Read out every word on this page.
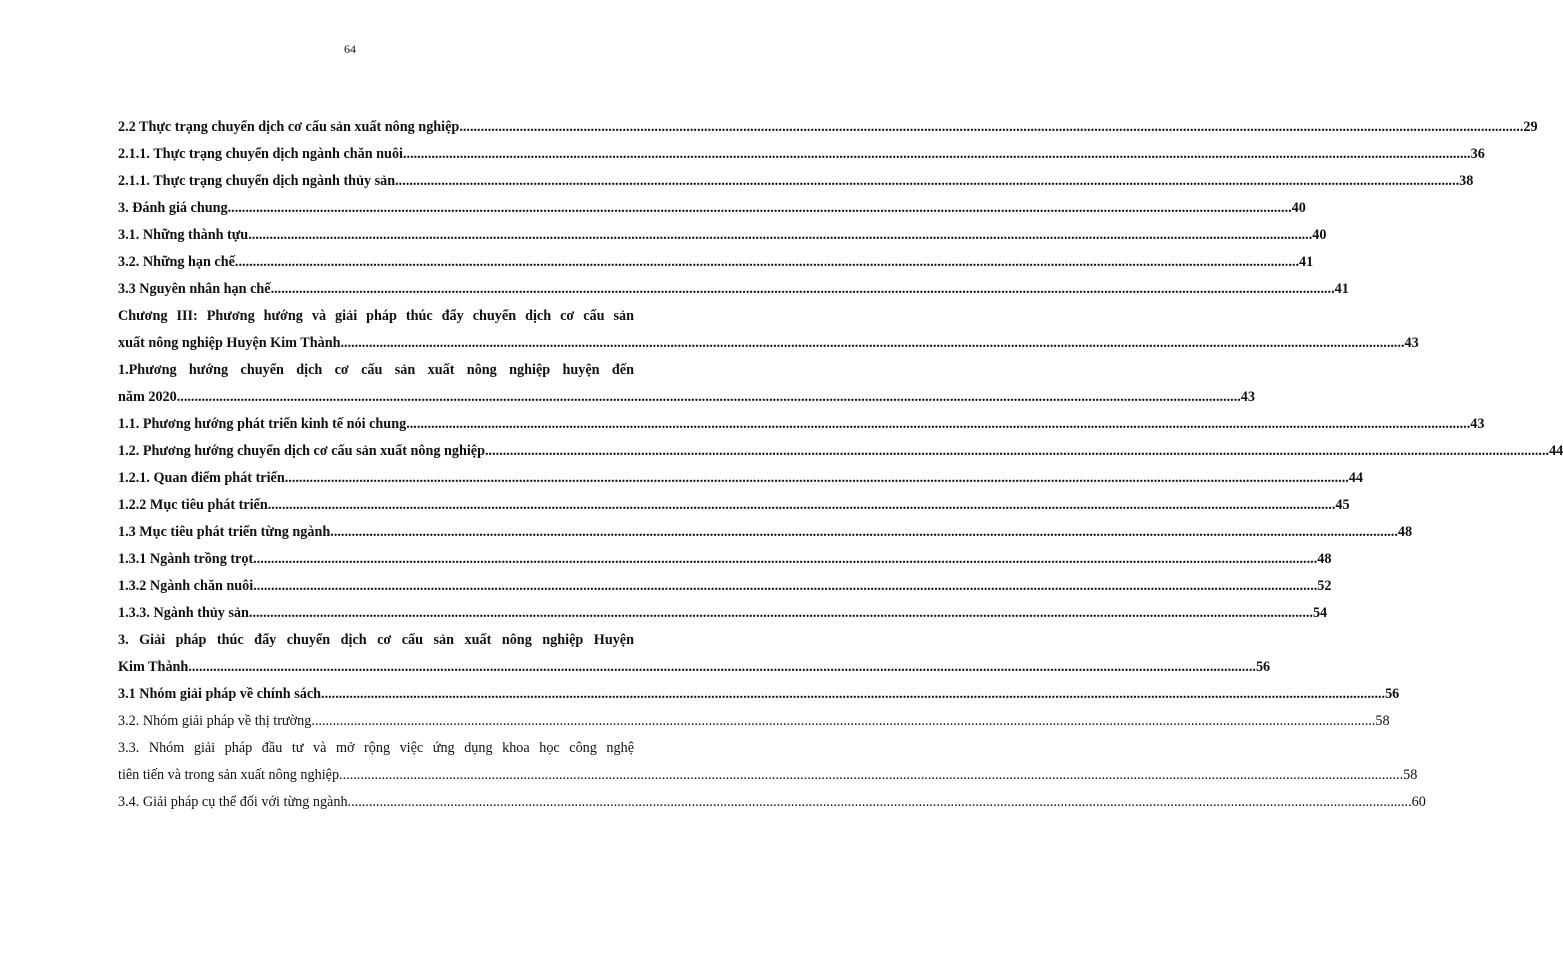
64
2.2 Thực trạng chuyển dịch cơ cấu sản xuất nông nghiệp ............................................................................................................................................................................................................................................................................................................ 29
2.1.1. Thực trạng chuyển dịch ngành chăn nuôi. ............................................................................................................................................................................................................................................................................................................ 36
2.1.1. Thực trạng chuyển dịch ngành thủy sản ............................................................................................................................................................................................................................................................................................................ 38
3. Đánh giá chung ............................................................................................................................................................................................................................................................................................................ 40
3.1. Những thành tựu ............................................................................................................................................................................................................................................................................................................ 40
3.2. Những hạn chế ............................................................................................................................................................................................................................................................................................................ 41
3.3 Nguyên nhân hạn chế ............................................................................................................................................................................................................................................................................................................ 41
Chương III: Phương hướng và giải pháp thúc đẩy chuyển dịch cơ cấu sản
xuất nông nghiệp Huyện Kim Thành ............................................................................................................................................................................................................................................................................................................ 43
1.Phương hướng chuyển dịch cơ cấu sản xuất nông nghiệp huyện đến
năm 2020 ............................................................................................................................................................................................................................................................................................................ 43
1.1. Phương hướng phát triển kinh tế nói chung ............................................................................................................................................................................................................................................................................................................ 43
1.2. Phương hướng chuyển dịch cơ cấu sản xuất nông nghiệp ............................................................................................................................................................................................................................................................................................................ 44
1.2.1. Quan điểm phát triển ............................................................................................................................................................................................................................................................................................................ 44
1.2.2 Mục tiêu phát triển. ............................................................................................................................................................................................................................................................................................................ 45
1.3 Mục tiêu phát triển từng ngành. ............................................................................................................................................................................................................................................................................................................ 48
1.3.1 Ngành trồng trọt ............................................................................................................................................................................................................................................................................................................ 48
1.3.2 Ngành chăn nuôi ............................................................................................................................................................................................................................................................................................................ 52
1.3.3. Ngành thủy sản ............................................................................................................................................................................................................................................................................................................ 54
3. Giải pháp thúc đẩy chuyển dịch cơ cấu sản xuất nông nghiệp Huyện
Kim Thành. ............................................................................................................................................................................................................................................................................................................ 56
3.1 Nhóm giải pháp về chính sách ............................................................................................................................................................................................................................................................................................................ 56
3.2. Nhóm giải pháp về thị trường ............................................................................................................................................................................................................................................................................................................ 58
3.3. Nhóm giải pháp đầu tư và mở rộng việc ứng dụng khoa học công nghệ
tiên tiến và trong sản xuất nông nghiệp ............................................................................................................................................................................................................................................................................................................ 58
3.4. Giải pháp cụ thể đối với từng ngành ............................................................................................................................................................................................................................................................................................................ 60
